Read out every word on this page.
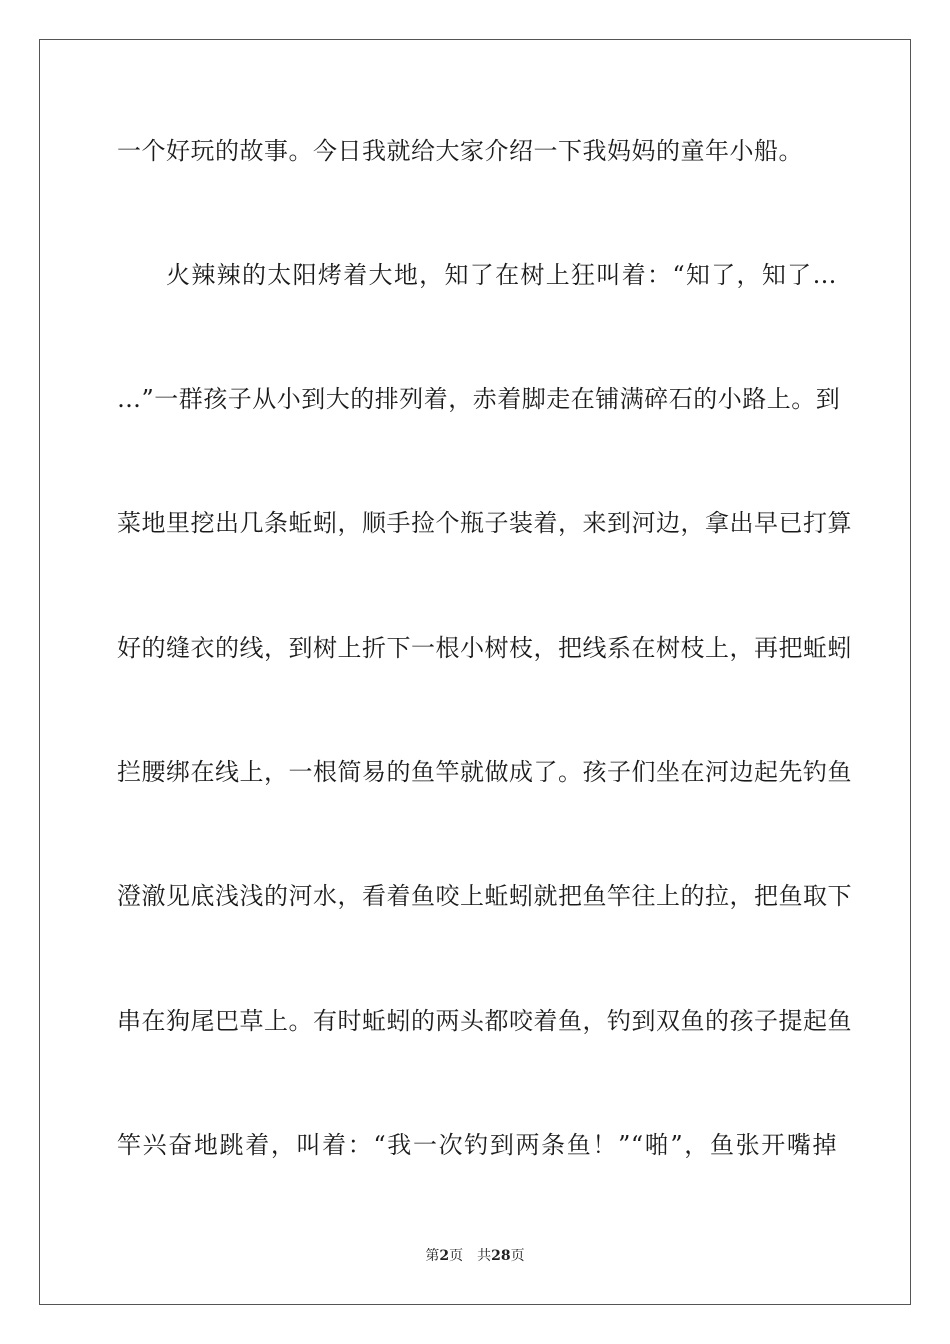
一个好玩的故事。今日我就给大家介绍一下我妈妈的童年小船。
火辣辣的太阳烤着大地，知了在树上狂叫着：“知了，知了…
…”一群孩子从小到大的排列着，赤着脚走在铺满碎石的小路上。到
菜地里挖出几条蚯蚓，顺手捡个瓶子装着，来到河边，拿出早已打算
好的缝衣的线，到树上折下一根小树枝，把线系在树枝上，再把蚯蚓
拦腰绑在线上，一根简易的鱼竿就做成了。孩子们坐在河边起先钓鱼
澄澈见底浅浅的河水，看着鱼咬上蚯蚓就把鱼竿往上的拉，把鱼取下
串在狗尾巴草上。有时蚯蚓的两头都咬着鱼，钓到双鱼的孩子提起鱼
竿兴奋地跳着，叫着：“我一次钓到两条鱼！”“啪”，鱼张开嘴掉
第2页 共28页
